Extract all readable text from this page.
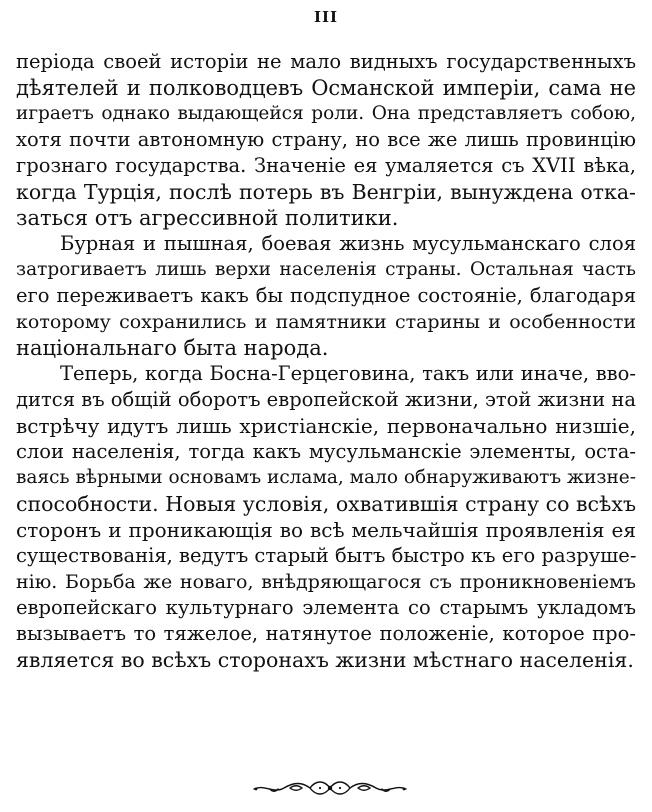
III
періода своей исторіи не мало видныхъ государственныхъ
дѣятелей и полководцевъ Османской имперіи, сама не
играетъ однако выдающейся роли. Она представляетъ собою,
хотя почти автономную страну, но все же лишь провинцію
грознаго государства. Значеніе ея умаляется съ XVII вѣка,
когда Турція, послѣ потерь въ Венгріи, вынуждена отка-
заться отъ агрессивной политики.
Бурная и пышная, боевая жизнь мусульманскаго слоя
затрогиваетъ лишь верхи населенія страны. Остальная часть
его переживаетъ какъ бы подспудное состояніе, благодаря
которому сохранились и памятники старины и особенности
національнаго быта народа.
Теперь, когда Босна-Герцеговина, такъ или иначе, вво-
дится въ общій оборотъ европейской жизни, этой жизни на
встрѣчу идутъ лишь христіанскіе, первоначально низшіе,
слои населенія, тогда какъ мусульманскіе элементы, оста-
ваясь вѣрными основамъ ислама, мало обнаруживаютъ жизне-
способности. Новыя условія, охватившія страну со всѣхъ
сторонъ и проникающія во всѣ мельчайшія проявленія ея
существованія, ведутъ старый бытъ быстро къ его разруше-
нію. Борьба же новаго, внѣдряющагося съ проникновеніемъ
европейскаго культурнаго элемента со старымъ укладомъ
вызываетъ то тяжелое, натянутое положеніе, которое про-
является во всѣхъ сторонахъ жизни мѣстнаго населенія.
